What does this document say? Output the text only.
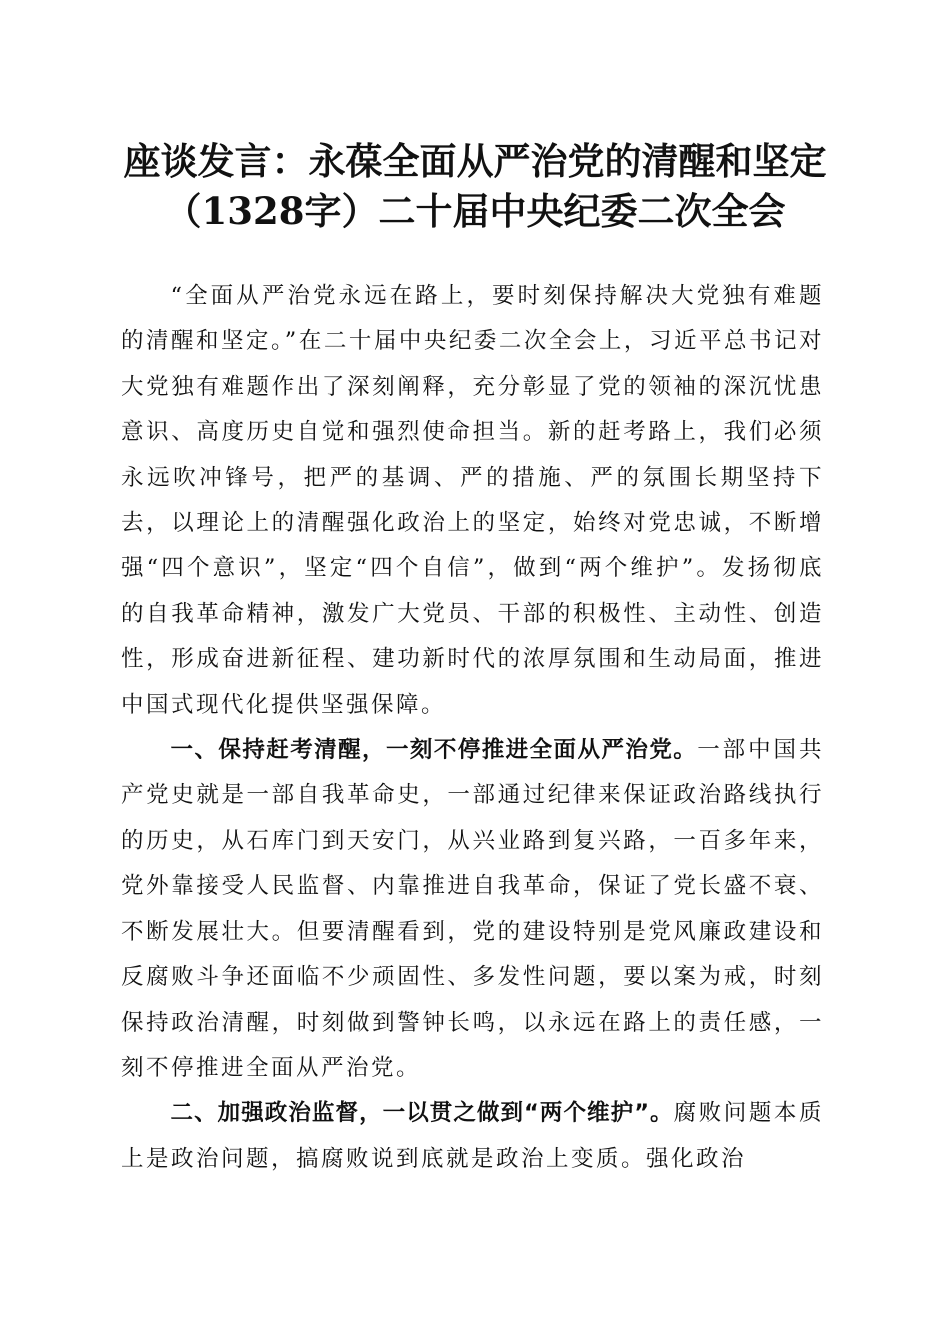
座谈发言：永葆全面从严治党的清醒和坚定
（1328字）二十届中央纪委二次全会

“全面从严治党永远在路上，要时刻保持解决大党独有难题的清醒和坚定。”在二十届中央纪委二次全会上，习近平总书记对大党独有难题作出了深刻阐释，充分彰显了党的领袖的深沉忧患意识、高度历史自觉和强烈使命担当。新的赶考路上，我们必须永远吹冲锋号，把严的基调、严的措施、严的氛围长期坚持下去，以理论上的清醒强化政治上的坚定，始终对党忠诚，不断增强“四个意识”，坚定“四个自信”，做到“两个维护”。发扬彻底的自我革命精神，激发广大党员、干部的积极性、主动性、创造性，形成奋进新征程、建功新时代的浓厚氛围和生动局面，推进中国式现代化提供坚强保障。

一、保持赶考清醒，一刻不停推进全面从严治党。一部中国共产党史就是一部自我革命史，一部通过纪律来保证政治路线执行的历史，从石库门到天安门，从兴业路到复兴路，一百多年来，党外靠接受人民监督、内靠推进自我革命，保证了党长盛不衰、不断发展壮大。但要清醒看到，党的建设特别是党风廉政建设和反腐败斗争还面临不少顽固性、多发性问题，要以案为戒，时刻保持政治清醒，时刻做到警钟长鸣，以永远在路上的责任感，一刻不停推进全面从严治党。

二、加强政治监督，一以贯之做到“两个维护”。腐败问题本质上是政治问题，搞腐败说到底就是政治上变质。强化政治
